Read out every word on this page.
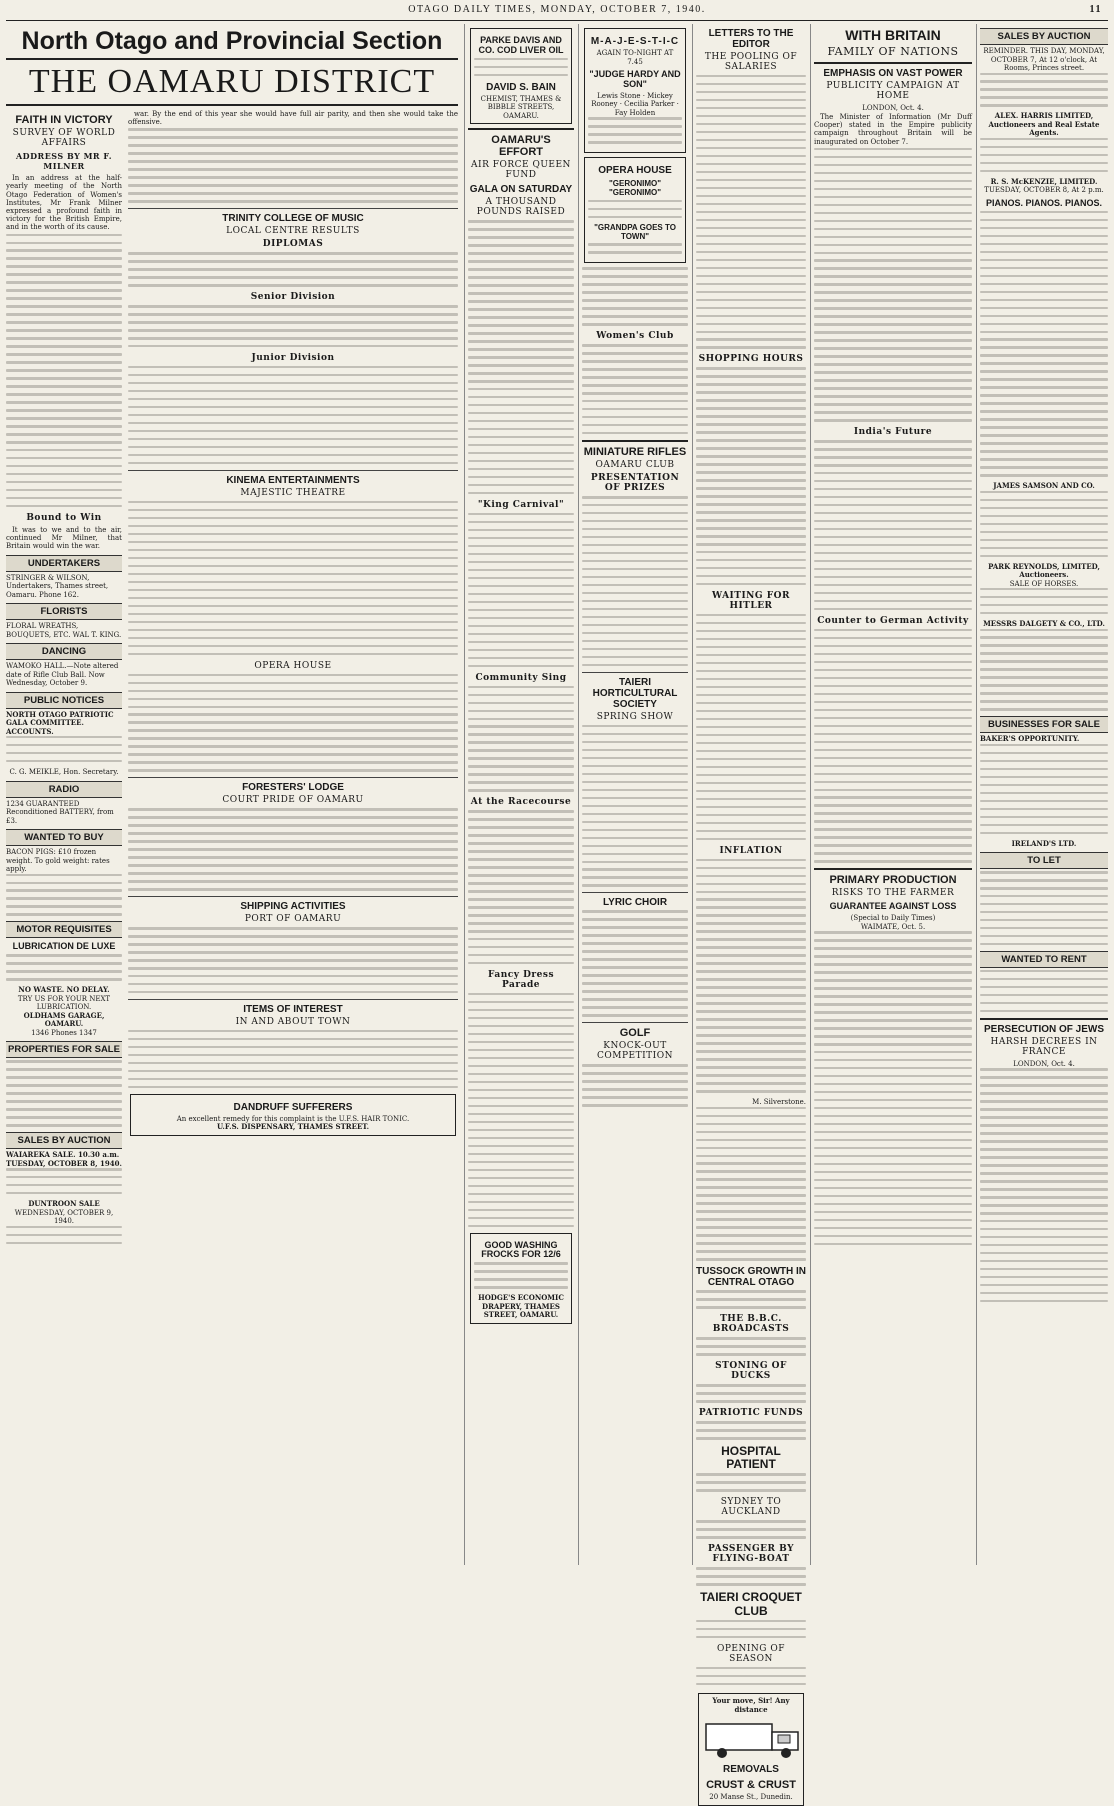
OTAGO DAILY TIMES, MONDAY, OCTOBER 7, 1940.	11
North Otago and Provincial Section
THE OAMARU DISTRICT
FAITH IN VICTORY
SURVEY OF WORLD AFFAIRS
ADDRESS BY MR F. MILNER

In an address at the half-yearly meeting of the North Otago Federation of Women's Institutes, Mr Frank Milner expressed a profound faith in victory for the British Empire, and in the worth of its cause.

Bound to Win

It was to we and to the air, continued Mr Milner, that Britain would win the war.

UNDERTAKERS
STRINGER & WILSON, Undertakers, Thames street, Oamaru. Phone 162.
FLORISTS
FLORAL WREATHS, BOUQUETS, ETC. WAL T. KING.
DANCING
WAMOKO HALL.—Note altered date of Rifle Club Ball. Now Wednesday, October 9.
PUBLIC NOTICES
NORTH OTAGO PATRIOTIC GALA COMMITTEE. ACCOUNTS.
C. G. MEIKLE, Hon. Secretary.
RADIO
1234 GUARANTEED Reconditioned BATTERY, from £3.
WANTED TO BUY
BACON PIGS: £10 frozen weight. To gold weight: rates apply.
MOTOR REQUISITES
LUBRICATION DE LUXE
NO WASTE. NO DELAY.
TRY US FOR YOUR NEXT LUBRICATION.
OLDHAMS GARAGE, OAMARU.
1346 Phones 1347
PROPERTIES FOR SALE
SALES BY AUCTION
WAIAREKA SALE. 10.30 a.m. TUESDAY, OCTOBER 8, 1940.
DUNTROON SALE
WEDNESDAY, OCTOBER 9, 1940.

war. By the end of this year she would have full air parity, and then she would take the offensive.

TRINITY COLLEGE OF MUSIC
LOCAL CENTRE RESULTS
DIPLOMAS
Senior Division
Junior Division
KINEMA ENTERTAINMENTS
MAJESTIC THEATRE
OPERA HOUSE
FORESTERS' LODGE
COURT PRIDE OF OAMARU
SHIPPING ACTIVITIES
PORT OF OAMARU
ITEMS OF INTEREST
IN AND ABOUT TOWN
DANDRUFF SUFFERERS
An excellent remedy for this complaint is the U.F.S. HAIR TONIC.
U.F.S. DISPENSARY, THAMES STREET.
PARKE DAVIS AND CO. COD LIVER OIL
DAVID S. BAIN
CHEMIST, THAMES & BIBBLE STREETS, OAMARU.
OAMARU'S EFFORT
AIR FORCE QUEEN FUND
GALA ON SATURDAY
A THOUSAND POUNDS RAISED
"King Carnival"
Community Sing
At the Racecourse
Fancy Dress Parade
GOOD WASHING FROCKS FOR 12/6
HODGE'S ECONOMIC DRAPERY, THAMES STREET, OAMARU.
M-A-J-E-S-T-I-C
AGAIN TO-NIGHT AT 7.45
"JUDGE HARDY AND SON"
Lewis Stone · Mickey Rooney · Cecilia Parker · Fay Holden
OPERA HOUSE
"GERONIMO" "GERONIMO"
"GRANDPA GOES TO TOWN"
Women's Club
MINIATURE RIFLES
OAMARU CLUB
PRESENTATION OF PRIZES
TAIERI HORTICULTURAL SOCIETY
SPRING SHOW
LYRIC CHOIR
GOLF
KNOCK-OUT COMPETITION
LETTERS TO THE EDITOR
THE POOLING OF SALARIES
SHOPPING HOURS
WAITING FOR HITLER
INFLATION
M. Silverstone.
TUSSOCK GROWTH IN CENTRAL OTAGO
THE B.B.C. BROADCASTS
STONING OF DUCKS
PATRIOTIC FUNDS
HOSPITAL PATIENT
SYDNEY TO AUCKLAND
PASSENGER BY FLYING-BOAT
TAIERI CROQUET CLUB
OPENING OF SEASON
Your move, Sir! Any distance
REMOVALS
CRUST & CRUST
20 Manse St., Dunedin.
SALES BY AUCTION
REMINDER. THIS DAY, MONDAY, OCTOBER 7, At 12 o'clock, At Rooms, Princes street.
ALEX. HARRIS LIMITED, Auctioneers and Real Estate Agents.
R. S. McKENZIE, LIMITED.
TUESDAY, OCTOBER 8, At 2 p.m.
PIANOS. PIANOS. PIANOS.
JAMES SAMSON AND CO.
PARK REYNOLDS, LIMITED, Auctioneers.
SALE OF HORSES.
MESSRS DALGETY & CO., LTD.
BUSINESSES FOR SALE
BAKER'S OPPORTUNITY.
IRELAND'S LTD.
TO LET
WANTED TO RENT
PERSECUTION OF JEWS
HARSH DECREES IN FRANCE
LONDON, Oct. 4.
WITH BRITAIN
FAMILY OF NATIONS
EMPHASIS ON VAST POWER
PUBLICITY CAMPAIGN AT HOME
LONDON, Oct. 4.
The Minister of Information (Mr Duff Cooper) stated in the Empire publicity campaign throughout Britain will be inaugurated on October 7.
India's Future
Counter to German Activity
PRIMARY PRODUCTION
RISKS TO THE FARMER
GUARANTEE AGAINST LOSS
(Special to Daily Times)
WAIMATE, Oct. 5.
